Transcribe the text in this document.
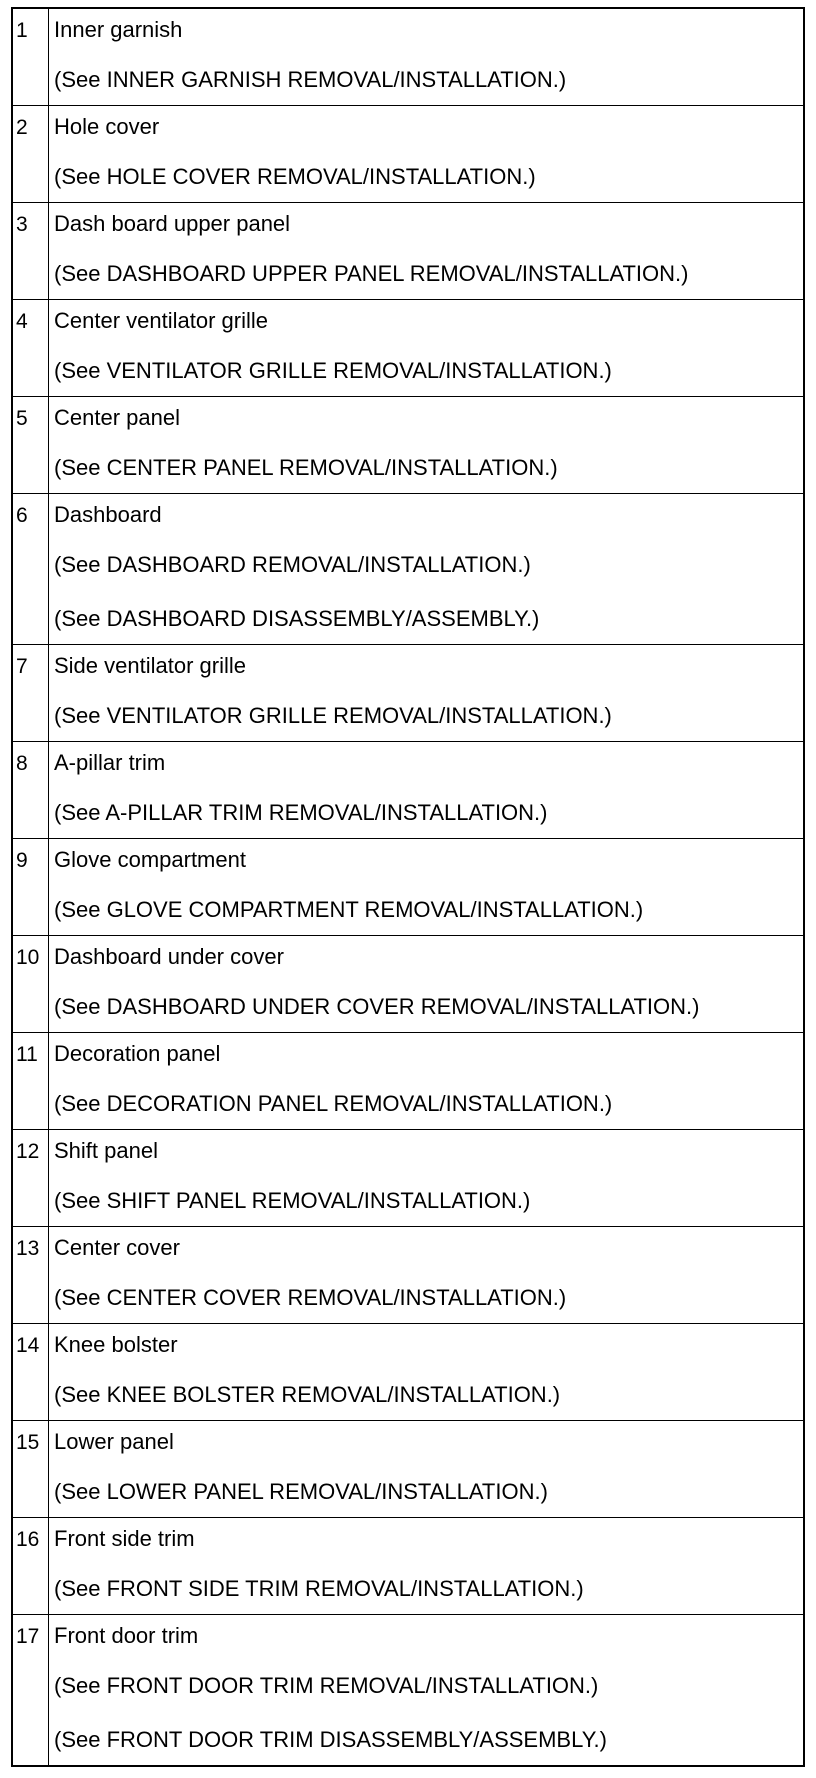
1	Inner garnish
(See INNER GARNISH REMOVAL/INSTALLATION.)
2	Hole cover
(See HOLE COVER REMOVAL/INSTALLATION.)
3	Dash board upper panel
(See DASHBOARD UPPER PANEL REMOVAL/INSTALLATION.)
4	Center ventilator grille
(See VENTILATOR GRILLE REMOVAL/INSTALLATION.)
5	Center panel
(See CENTER PANEL REMOVAL/INSTALLATION.)
6	Dashboard
(See DASHBOARD REMOVAL/INSTALLATION.)
(See DASHBOARD DISASSEMBLY/ASSEMBLY.)
7	Side ventilator grille
(See VENTILATOR GRILLE REMOVAL/INSTALLATION.)
8	A-pillar trim
(See A-PILLAR TRIM REMOVAL/INSTALLATION.)
9	Glove compartment
(See GLOVE COMPARTMENT REMOVAL/INSTALLATION.)
10 Dashboard under cover
(See DASHBOARD UNDER COVER REMOVAL/INSTALLATION.)
11 Decoration panel
(See DECORATION PANEL REMOVAL/INSTALLATION.)
12 Shift panel
(See SHIFT PANEL REMOVAL/INSTALLATION.)
13 Center cover
(See CENTER COVER REMOVAL/INSTALLATION.)
14 Knee bolster
(See KNEE BOLSTER REMOVAL/INSTALLATION.)
15 Lower panel
(See LOWER PANEL REMOVAL/INSTALLATION.)
16 Front side trim
(See FRONT SIDE TRIM REMOVAL/INSTALLATION.)
17 Front door trim
(See FRONT DOOR TRIM REMOVAL/INSTALLATION.)
(See FRONT DOOR TRIM DISASSEMBLY/ASSEMBLY.)
